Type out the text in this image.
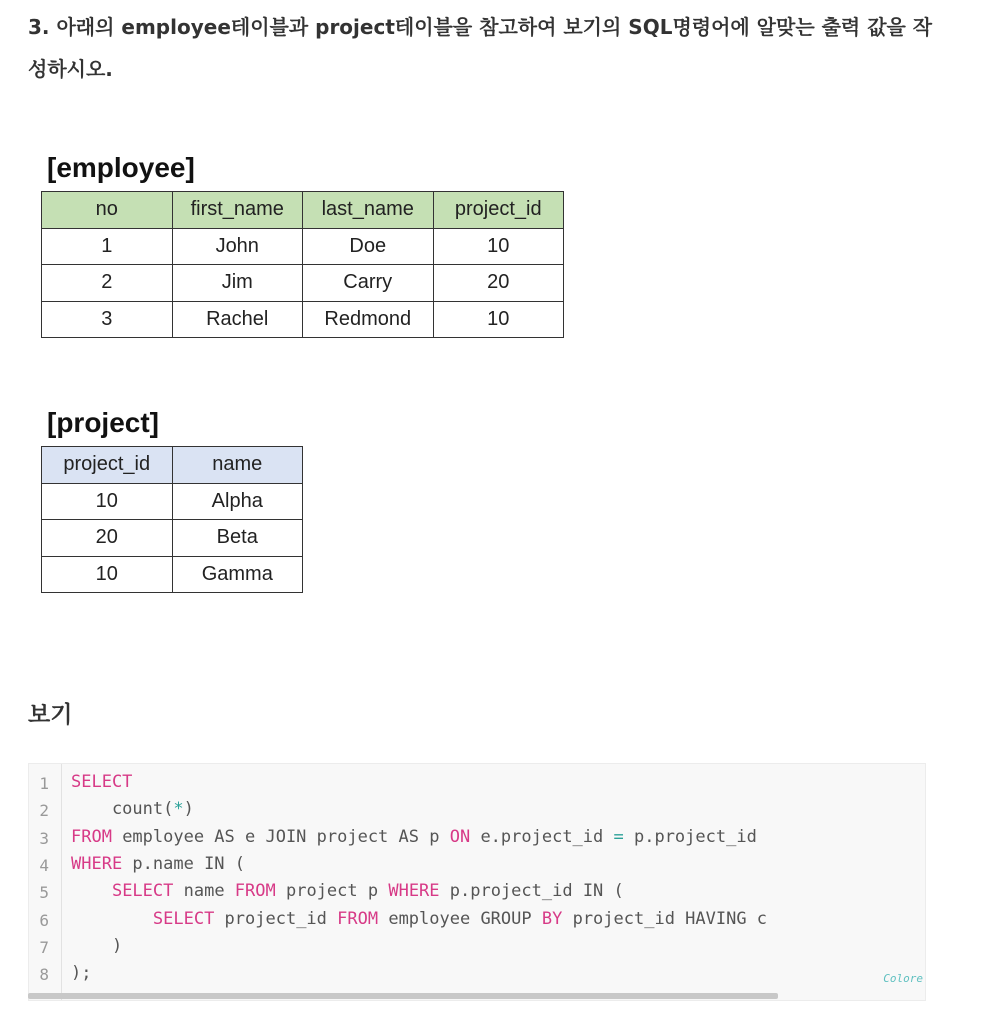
3. 아래의 employee테이블과 project테이블을 참고하여 보기의 SQL명령어에 알맞는 출력 값을 작성하시오.

[employee]
no	first_name	last_name	project_id
1	John	Doe	10
2	Jim	Carry	20
3	Rachel	Redmond	10
[project]
project_id	name
10	Alpha
20	Beta
10	Gamma
보기
1
2
3
4
5
6
7
8
SELECT
count(*)
FROM employee AS e JOIN project AS p ON e.project_id = p.project_id
WHERE p.name IN (
SELECT name FROM project p WHERE p.project_id IN (
SELECT project_id FROM employee GROUP BY project_id HAVING c
)
);	Colore
